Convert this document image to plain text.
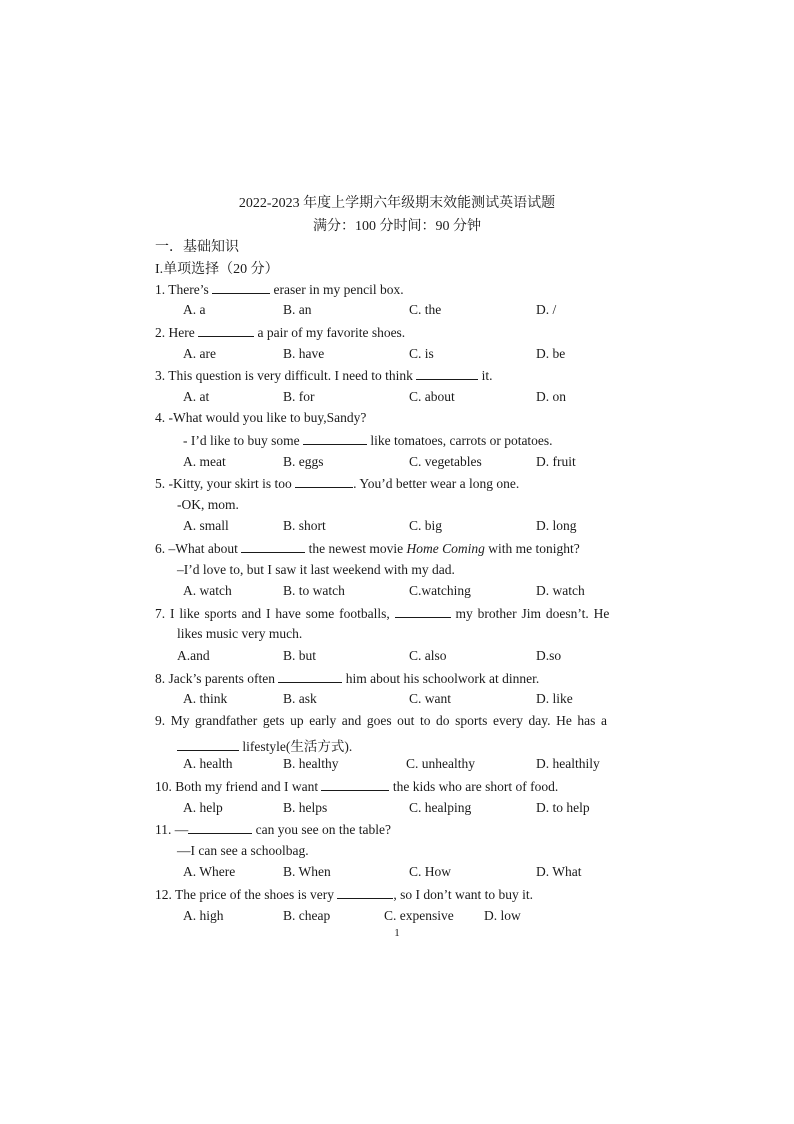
2022-2023 年度上学期六年级期末效能测试英语试题
满分：100 分时间：90 分钟
一．基础知识
I.单项选择（20 分）
1. There’s	eraser in my pencil box.
A. a	B. an	C. the	D. /
2. Here	a pair of my favorite shoes.
A. are	B. have	C. is	D. be
3. This question is very difficult. I need to think	it.
A. at	B. for	C. about	D. on
4. -What would you like to buy,Sandy?
- I’d like to buy some	like tomatoes, carrots or potatoes.
A. meat	B. eggs	C. vegetables	D. fruit
5. -Kitty, your skirt is too	. You’d better wear a long one.
-OK, mom.
A. small	B. short	C. big	D. long
6. –What about	the newest movie Home Coming with me tonight?
–I’d love to, but I saw it last weekend with my dad.
A. watch	B. to watch	C.watching	D. watch
7. I like sports and I have some footballs,	my brother Jim doesn’t. He
likes music very much.
A.and	B. but	C. also	D.so
8. Jack’s parents often	him about his schoolwork at dinner.
A. think	B. ask	C. want	D. like
9. My grandfather gets up early and goes out to do sports every day. He has a
lifestyle(生活方式).
A. health	B. healthy	C. unhealthy	D. healthily
10. Both my friend and I want	the kids who are short of food.
A. help	B. helps	C. healping	D. to help
11. —	can you see on the table?
—I can see a schoolbag.
A. Where	B. When	C. How	D. What
12. The price of the shoes is very	, so I don’t want to buy it.
A. high	B. cheap	C. expensive D. low
1
